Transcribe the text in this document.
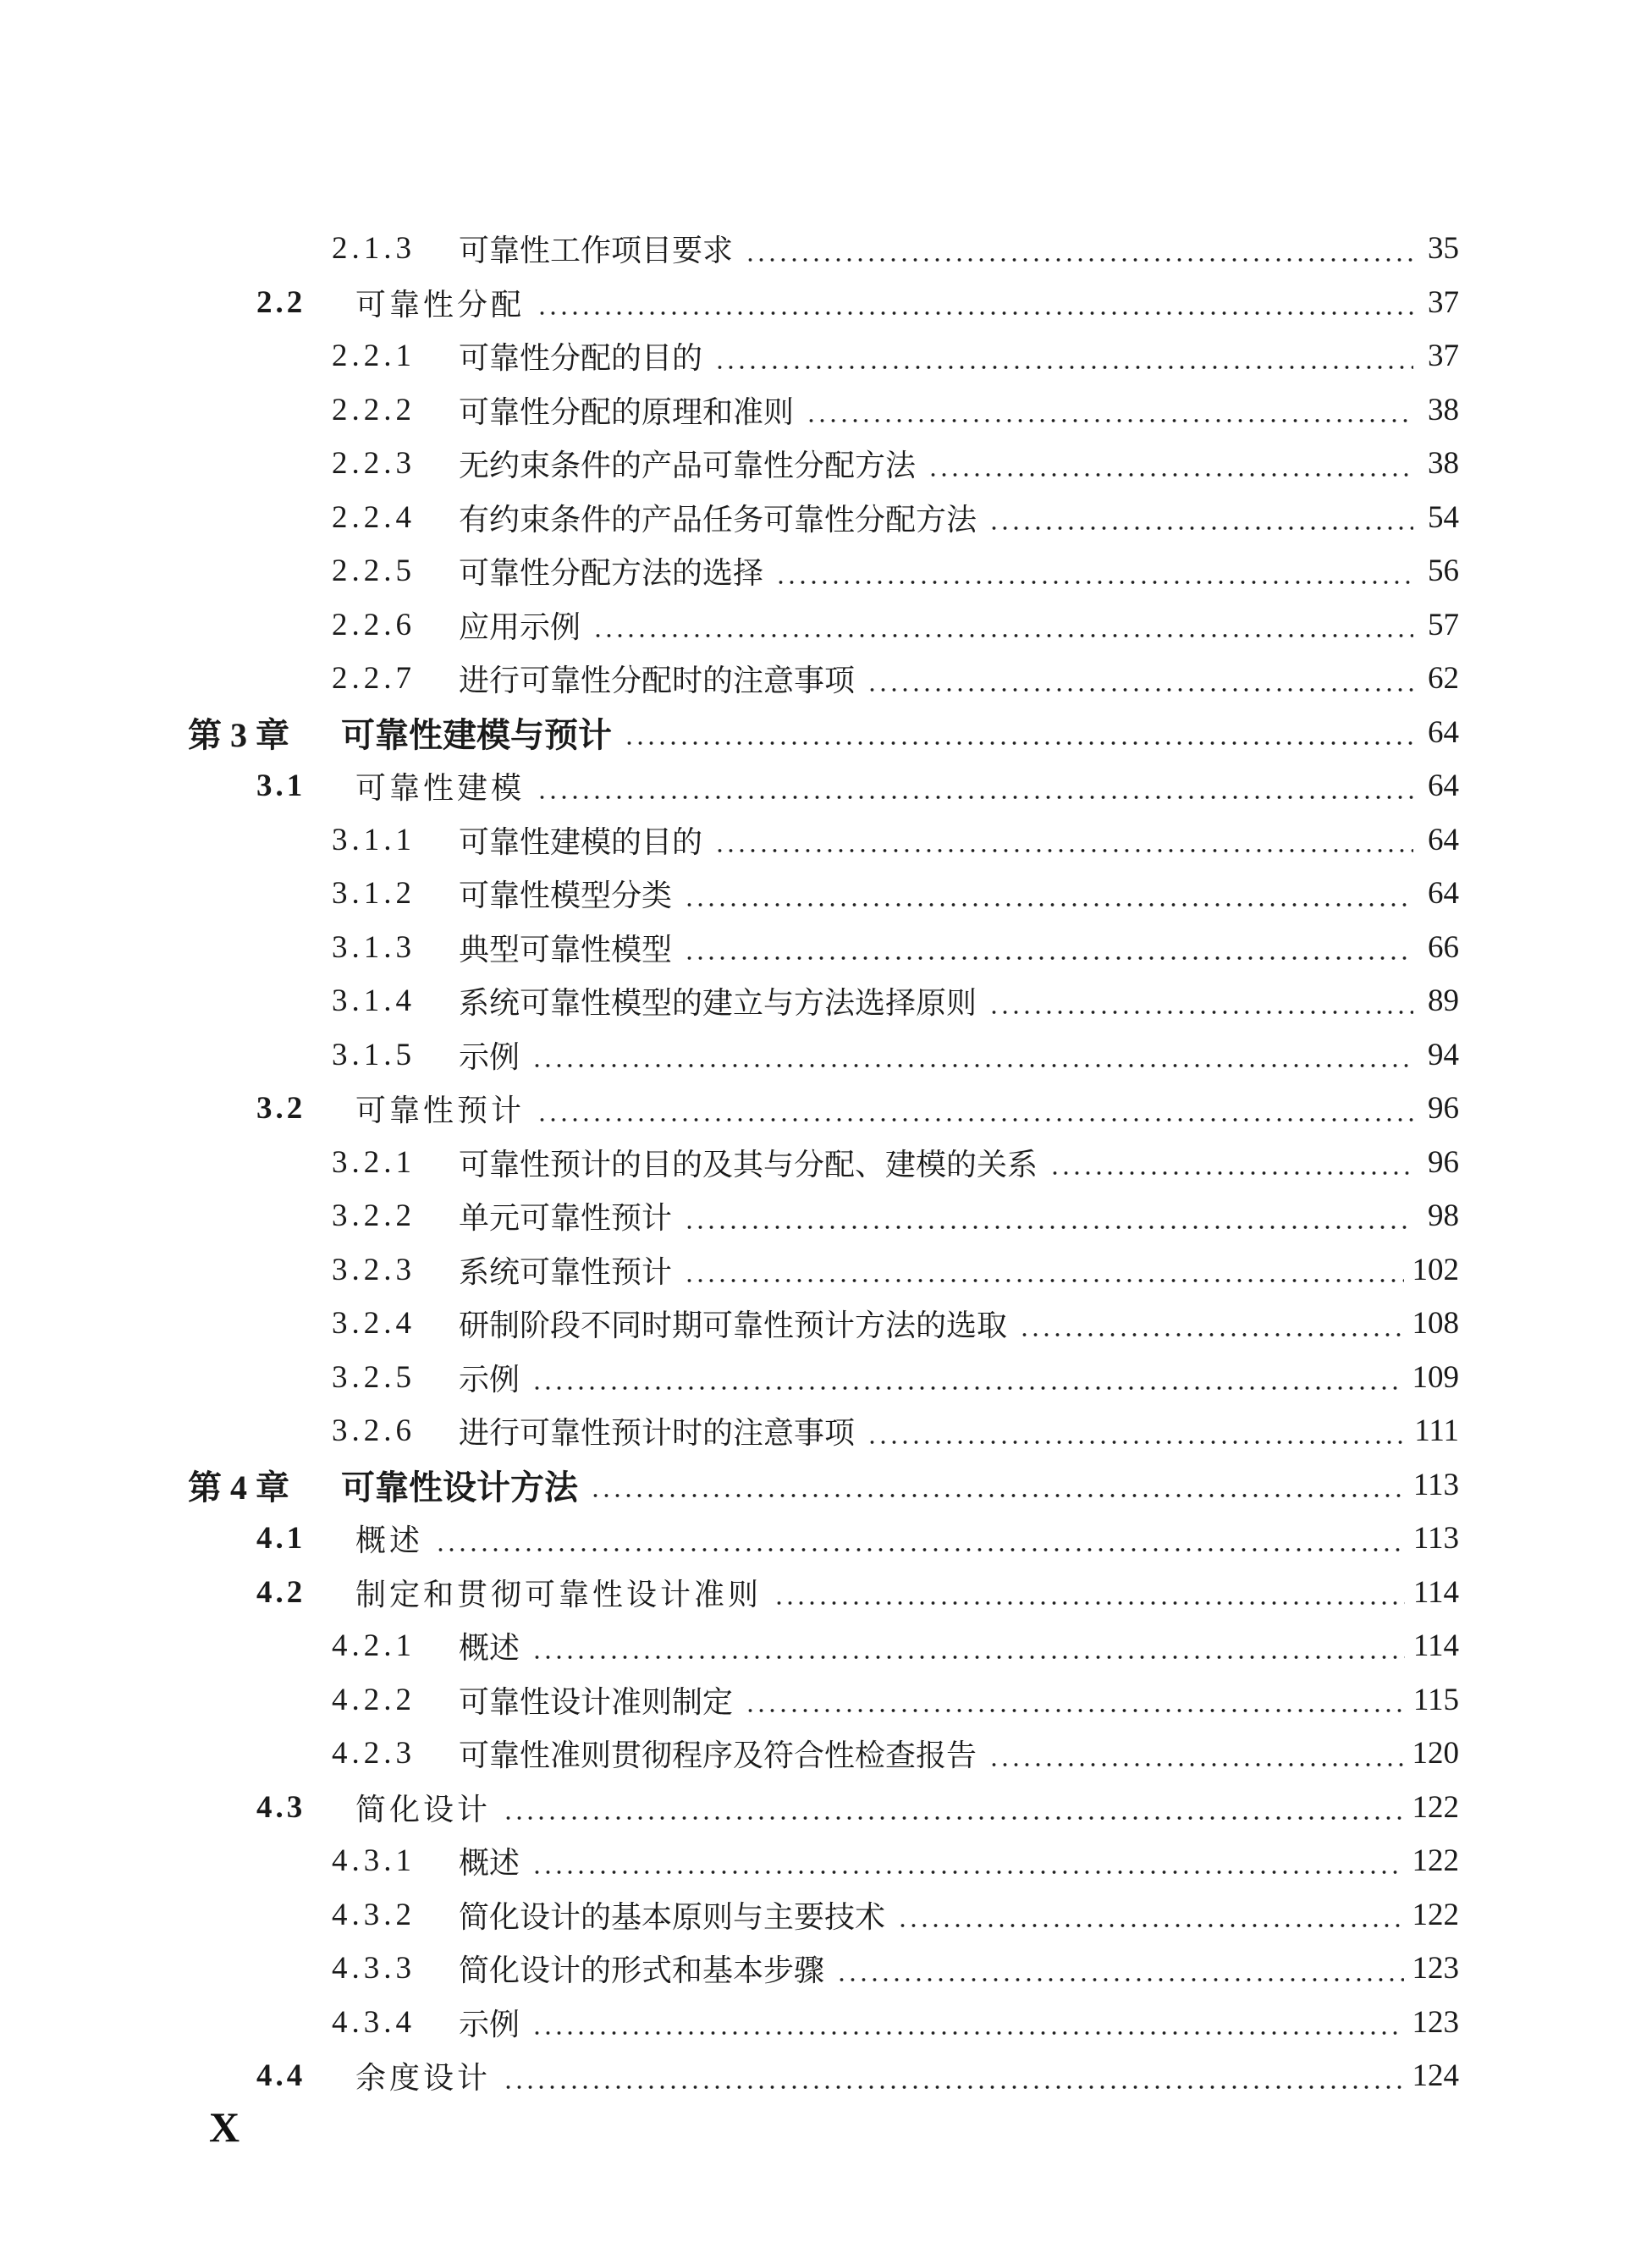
2.1.3	可靠性工作项目要求	35
2.2	可靠性分配	37
2.2.1	可靠性分配的目的	37
2.2.2	可靠性分配的原理和准则	38
2.2.3	无约束条件的产品可靠性分配方法	38
2.2.4	有约束条件的产品任务可靠性分配方法	54
2.2.5	可靠性分配方法的选择	56
2.2.6	应用示例	57
2.2.7	进行可靠性分配时的注意事项	62
第 3 章	可靠性建模与预计	64
3.1	可靠性建模	64
3.1.1	可靠性建模的目的	64
3.1.2	可靠性模型分类	64
3.1.3	典型可靠性模型	66
3.1.4	系统可靠性模型的建立与方法选择原则	89
3.1.5	示例	94
3.2	可靠性预计	96
3.2.1	可靠性预计的目的及其与分配、建模的关系	96
3.2.2	单元可靠性预计	98
3.2.3	系统可靠性预计	102
3.2.4	研制阶段不同时期可靠性预计方法的选取	108
3.2.5	示例	109
3.2.6	进行可靠性预计时的注意事项	111
第 4 章	可靠性设计方法	113
4.1	概述	113
4.2	制定和贯彻可靠性设计准则	114
4.2.1	概述	114
4.2.2	可靠性设计准则制定	115
4.2.3	可靠性准则贯彻程序及符合性检查报告	120
4.3	简化设计	122
4.3.1	概述	122
4.3.2	简化设计的基本原则与主要技术	122
4.3.3	简化设计的形式和基本步骤	123
4.3.4	示例	123
4.4	余度设计	124
X
